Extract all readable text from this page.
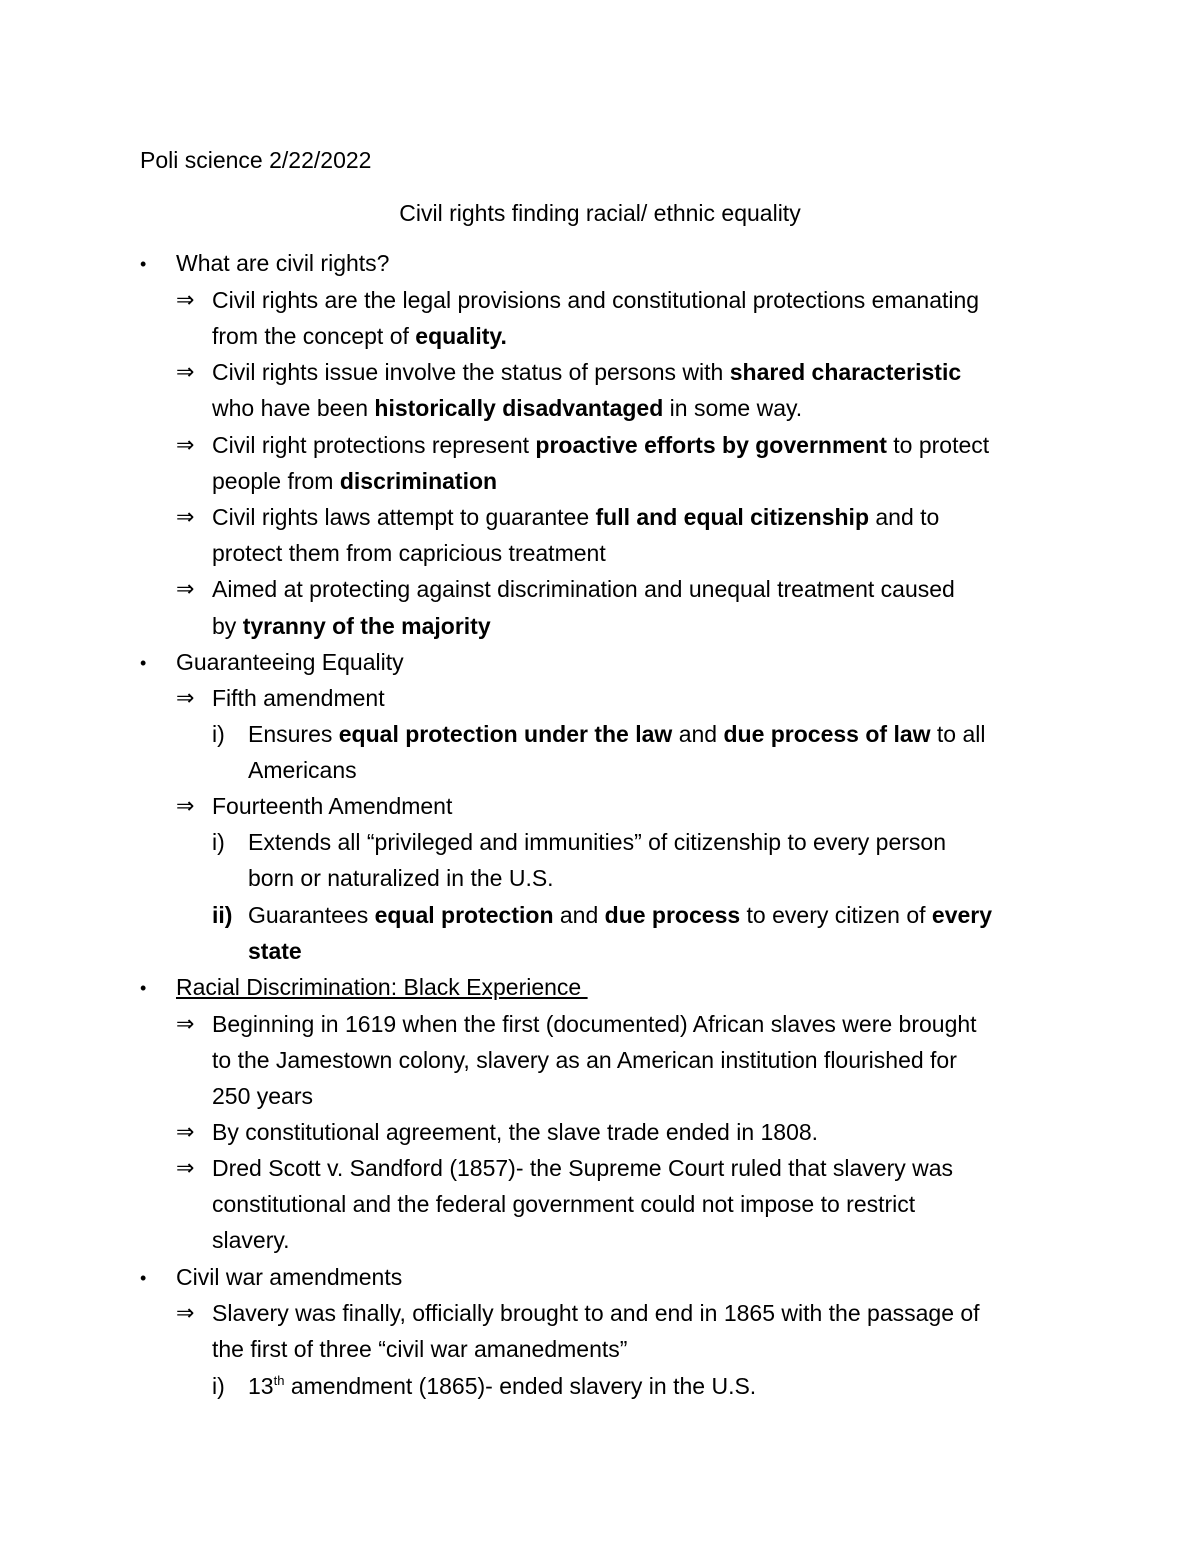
Poli science 2/22/2022
Civil rights finding racial/ ethnic equality
• What are civil rights?
⇒ Civil rights are the legal provisions and constitutional protections emanating
from the concept of equality.
⇒ Civil rights issue involve the status of persons with shared characteristic
who have been historically disadvantaged in some way.
⇒ Civil right protections represent proactive efforts by government to protect
people from discrimination
⇒ Civil rights laws attempt to guarantee full and equal citizenship and to
protect them from capricious treatment
⇒ Aimed at protecting against discrimination and unequal treatment caused
by tyranny of the majority
• Guaranteeing Equality
⇒ Fifth amendment
i) Ensures equal protection under the law and due process of law to all
Americans
⇒ Fourteenth Amendment
i) Extends all “privileged and immunities” of citizenship to every person
born or naturalized in the U.S.
ii) Guarantees equal protection and due process to every citizen of every
state
• Racial Discrimination: Black Experience
⇒ Beginning in 1619 when the first (documented) African slaves were brought
to the Jamestown colony, slavery as an American institution flourished for
250 years
⇒ By constitutional agreement, the slave trade ended in 1808.
⇒ Dred Scott v. Sandford (1857)- the Supreme Court ruled that slavery was
constitutional and the federal government could not impose to restrict
slavery.
• Civil war amendments
⇒ Slavery was finally, officially brought to and end in 1865 with the passage of
the first of three “civil war amanedments”
i) 13th amendment (1865)- ended slavery in the U.S.
